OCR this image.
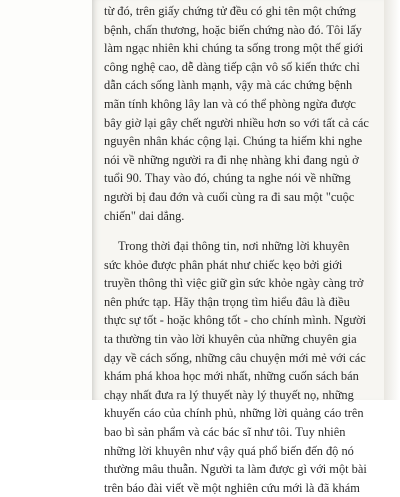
từ đó, trên giấy chứng tử đều có ghi tên một chứng
bệnh, chấn thương, hoặc biến chứng nào đó. Tôi lấy
làm ngạc nhiên khi chúng ta sống trong một thế giới
công nghệ cao, dễ dàng tiếp cận vô số kiến thức chỉ
dẫn cách sống lành mạnh, vậy mà các chứng bệnh
mãn tính không lây lan và có thể phòng ngừa được
bây giờ lại gây chết người nhiều hơn so với tất cả các
nguyên nhân khác cộng lại. Chúng ta hiếm khi nghe
nói về những người ra đi nhẹ nhàng khi đang ngủ ở
tuổi 90. Thay vào đó, chúng ta nghe nói về những
người bị đau đớn và cuối cùng ra đi sau một "cuộc
chiến" dai dẳng.
Trong thời đại thông tin, nơi những lời khuyên
sức khỏe được phân phát như chiếc kẹo bởi giới
truyền thông thì việc giữ gìn sức khỏe ngày càng trở
nên phức tạp. Hãy thận trọng tìm hiểu đâu là điều
thực sự tốt - hoặc không tốt - cho chính mình. Người
ta thường tin vào lời khuyên của những chuyên gia
dạy về cách sống, những câu chuyện mới mẻ với các
khám phá khoa học mới nhất, những cuốn sách bán
chạy nhất đưa ra lý thuyết này lý thuyết nọ, những
khuyến cáo của chính phủ, những lời quảng cáo trên
bao bì sản phẩm và các bác sĩ như tôi. Tuy nhiên
những lời khuyên như vậy quá phổ biến đến độ nó
thường mâu thuẫn. Người ta làm được gì với một bài
trên báo đài viết về một nghiên cứu mới là đã khám
